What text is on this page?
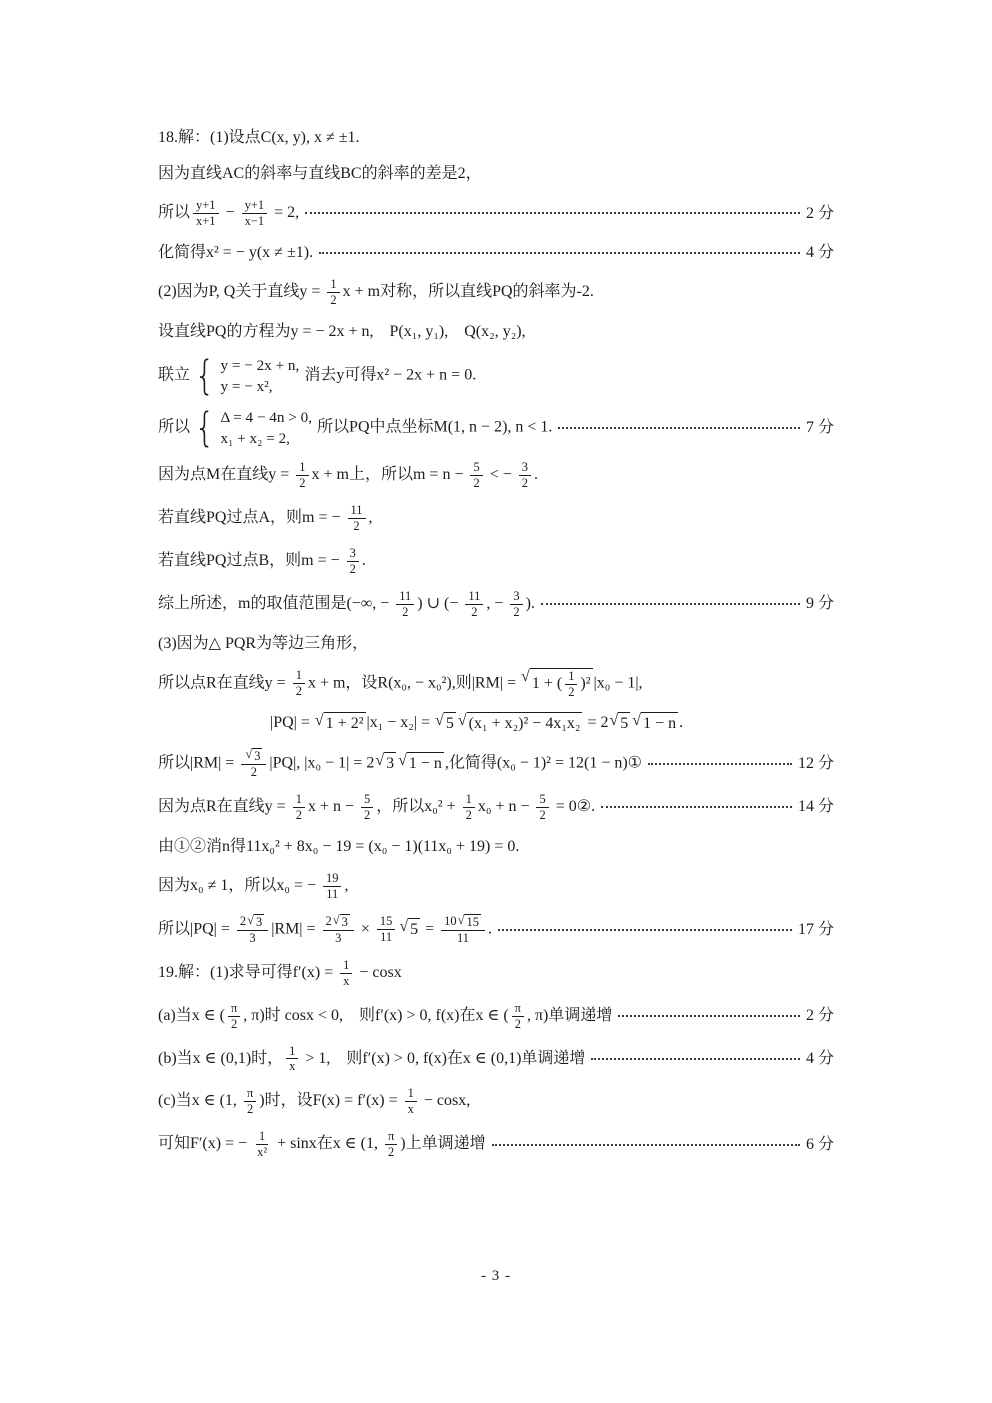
18.解：(1)设点C(x, y), x ≠ ±1.
因为直线AC的斜率与直线BC的斜率的差是2，
所以 $\frac{y+1}{x+1} - \frac{y+1}{x-1} = 2$,	2 分
化简得x² = − y(x ≠ ±1).	4 分
(2)因为P, Q关于直线$y = \frac{1}{2}$ x + m对称，所以直线PQ的斜率为-2.
设直线PQ的方程为y = − 2x + n,　P(x₁, y₁),　Q(x₂, y₂),
联立 { y = − 2x + n,
y = − x²,
消去y可得x² − 2x + n = 0.
所以 { Δ = 4 − 4n > 0,
x₁ + x₂ = 2,
所以PQ中点坐标M(1, n − 2), n < 1.	7 分
因为点M在直线$y = \frac{1}{2}$ x + m上，所以$m = n - \frac{5}{2}$ < − $\frac{3}{2}$ .
若直线PQ过点A，则m = − $\frac{11}{2}$ ,
若直线PQ过点B，则m = − $\frac{3}{2}$ .
综上所述，m的取值范围是(−∞, − $\frac{11}{2}$ ) ∪ (− $\frac{11}{2}$ , − $\frac{3}{2}$ ).	9 分
(3)因为△ PQR为等边三角形，
所以点R在直线$y = \frac{1}{2}$ x + m，设R(x₀, − x₀²),则|RM| = √ 1 + ( $\frac{1}{2} )^2$ |x₀ − 1|,
|PQ| = √ 1 + 2² |x₁ − x₂| = √ 5 √ (x₁ + x₂)² − 4x₁x₂ = 2 √ 5 √ 1 − n .
所以$|RM| = \frac{√ 3}{2} |PQ|$, |x₀ − 1| = 2 √ 3 √ 1 − n ,化简得(x₀ − 1)² = 12(1 − n)①	12 分
因为点R在直线$y = \frac{1}{2}$ $x + n - \frac{5}{2}$ ，所以$x_0^2 + \frac{1}{2} x_0 + n - \frac{5}{2}$ = 0②.	14 分
由①②消n得11x₀² + 8x₀ − 19 = (x₀ − 1)(11x₀ + 19) = 0.
因为x₀ ≠ 1，所以x₀ = − $\frac{19}{11}$ ,
所以$|PQ| = \frac{2 √ 3}{3} |RM| = \frac{2 √ 3}{3} \times \frac{15}{11}$ √ $5 = \frac{10 √ 15}{11}$ .	17 分
19.解：(1)求导可得$f'(x) = \frac{1}{x} - \cos x$
(a)当x ∈ ( $\frac{\pi}{2}$ , π)时 cosx < 0,　则f′(x) > 0, f(x)在x ∈ ( $\frac{\pi}{2}$ , π)单调递增	2 分
(b)当x ∈ (0,1)时， $\frac{1}{x} > 1$,　则f′(x) > 0, f(x)在x ∈ (0,1)单调递增	4 分
(c)当x ∈ (1, $\frac{\pi}{2}$ )时，设$F(x) = f'(x) = \frac{1}{x} - \cos x$,
可知F′(x) = − $\frac{1}{\text{x²}} + \sin x$在x ∈ (1, $\frac{\pi}{2}$ )上单调递增	6 分
- 3 -
